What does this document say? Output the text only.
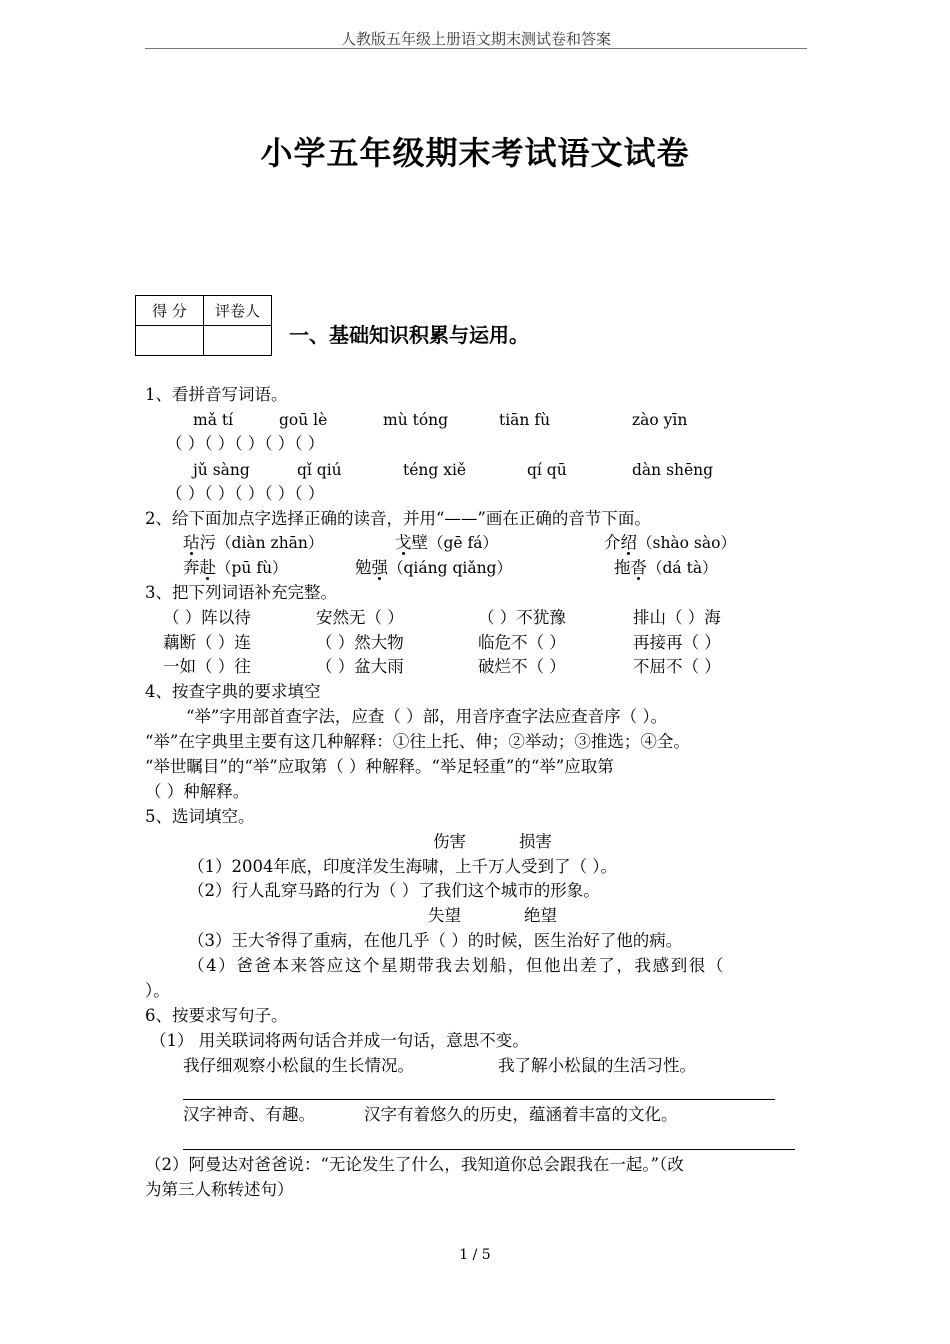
人教版五年级上册语文期末测试卷和答案
小学五年级期末考试语文试卷
得 分	评卷人

一、基础知识积累与运用。
1、看拼音写词语。
mǎ tí	goū lè	mù tóng	tiān fù	zào yīn
（ ）（ ）（ ）（ ）（ ）
jǔ sàng	qǐ qiú	téng xiě	qí qū	dàn shēng
（ ）（ ）（ ）（ ）（ ）
2、给下面加点字选择正确的读音，并用“——”画在正确的音节下面。
玷污（diàn zhān）	戈壁（gē fá）	介绍（shào sào）
奔赴（pū fù）	勉强（qiáng qiǎng）	拖沓（dá tà）
3、把下列词语补充完整。
（ ）阵以待	安然无（ ）	（ ）不犹豫	排山（ ）海
藕断（ ）连	（ ）然大物	临危不（ ）	再接再（ ）
一如（ ）往	（ ）盆大雨	破烂不（ ）	不屈不（ ）
4、按查字典的要求填空
“举”字用部首查字法，应查（ ）部，用音序查字法应查音序（ ）。
“举”在字典里主要有这几种解释：①往上托、伸；②举动；③推选；④全。
“举世瞩目”的“举”应取第（ ）种解释。“举足轻重”的“举”应取第
（ ）种解释。
5、选词填空。
伤害	损害
（1）2004年底，印度洋发生海啸，上千万人受到了（ ）。
（2）行人乱穿马路的行为（ ）了我们这个城市的形象。
失望	绝望
（3）王大爷得了重病，在他几乎（ ）的时候，医生治好了他的病。
（4）爸爸本来答应这个星期带我去划船，但他出差了，我感到很（
）。
6、按要求写句子。
（1） 用关联词将两句话合并成一句话，意思不变。
我仔细观察小松鼠的生长情况。	我了解小松鼠的生活习性。
汉字神奇、有趣。	汉字有着悠久的历史，蕴涵着丰富的文化。
（2）阿曼达对爸爸说：“无论发生了什么，我知道你总会跟我在一起。”（改
为第三人称转述句）
1 / 5
